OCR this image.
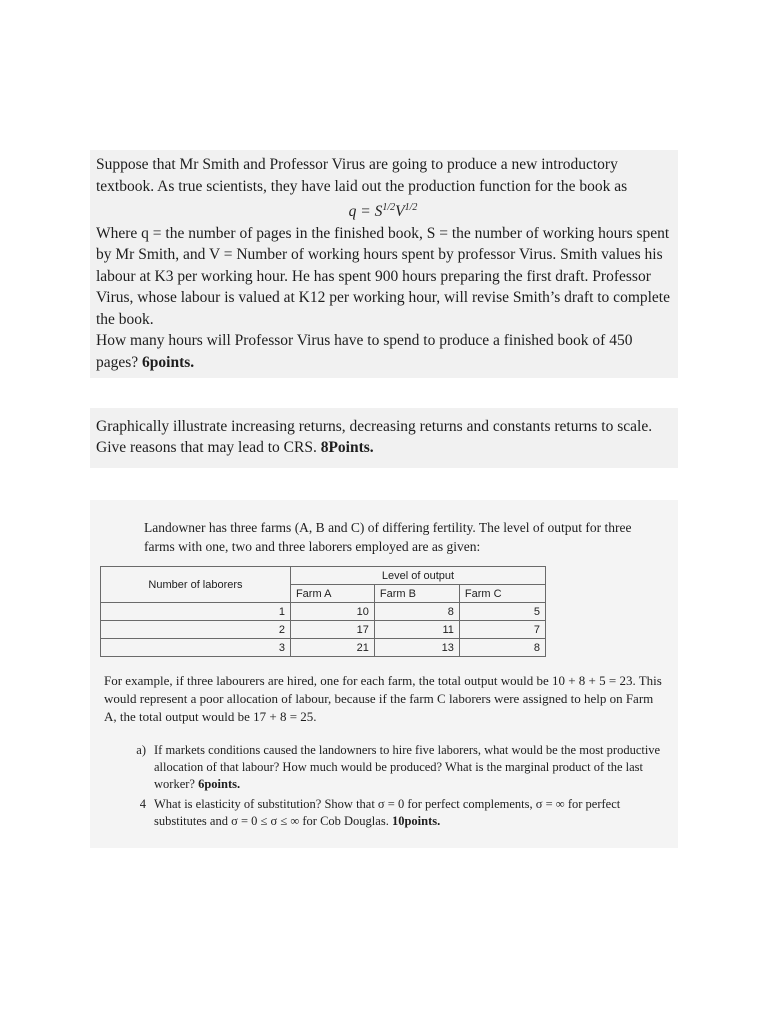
Suppose that Mr Smith and Professor Virus are going to produce a new introductory textbook. As true scientists, they have laid out the production function for the book as

$q = S^{1/2}V^{1/2}$

Where q = the number of pages in the finished book, S = the number of working hours spent by Mr Smith, and V = Number of working hours spent by professor Virus. Smith values his labour at K3 per working hour. He has spent 900 hours preparing the first draft. Professor Virus, whose labour is valued at K12 per working hour, will revise Smith’s draft to complete the book.

How many hours will Professor Virus have to spend to produce a finished book of 450 pages? 6points.

Graphically illustrate increasing returns, decreasing returns and constants returns to scale. Give reasons that may lead to CRS. 8Points.
Landowner has three farms (A, B and C) of differing fertility. The level of output for three farms with one, two and three laborers employed are as given:
Number of laborers	Level of output		
	Farm A	Farm B	Farm C
1	10	8	5
2	17	11	7
3	21	13	8

For example, if three labourers are hired, one for each farm, the total output would be 10 + 8 + 5 = 23. This would represent a poor allocation of labour, because if the farm C laborers were assigned to help on Farm A, the total output would be 17 + 8 = 25.

a) If markets conditions caused the landowners to hire five laborers, what would be the most productive allocation of that labour? How much would be produced? What is the marginal product of the last worker? 6points.
4 What is elasticity of substitution? Show that σ = 0 for perfect complements, σ = ∞ for perfect substitutes and σ = 0 ≤ σ ≤ ∞ for Cob Douglas. 10points.
